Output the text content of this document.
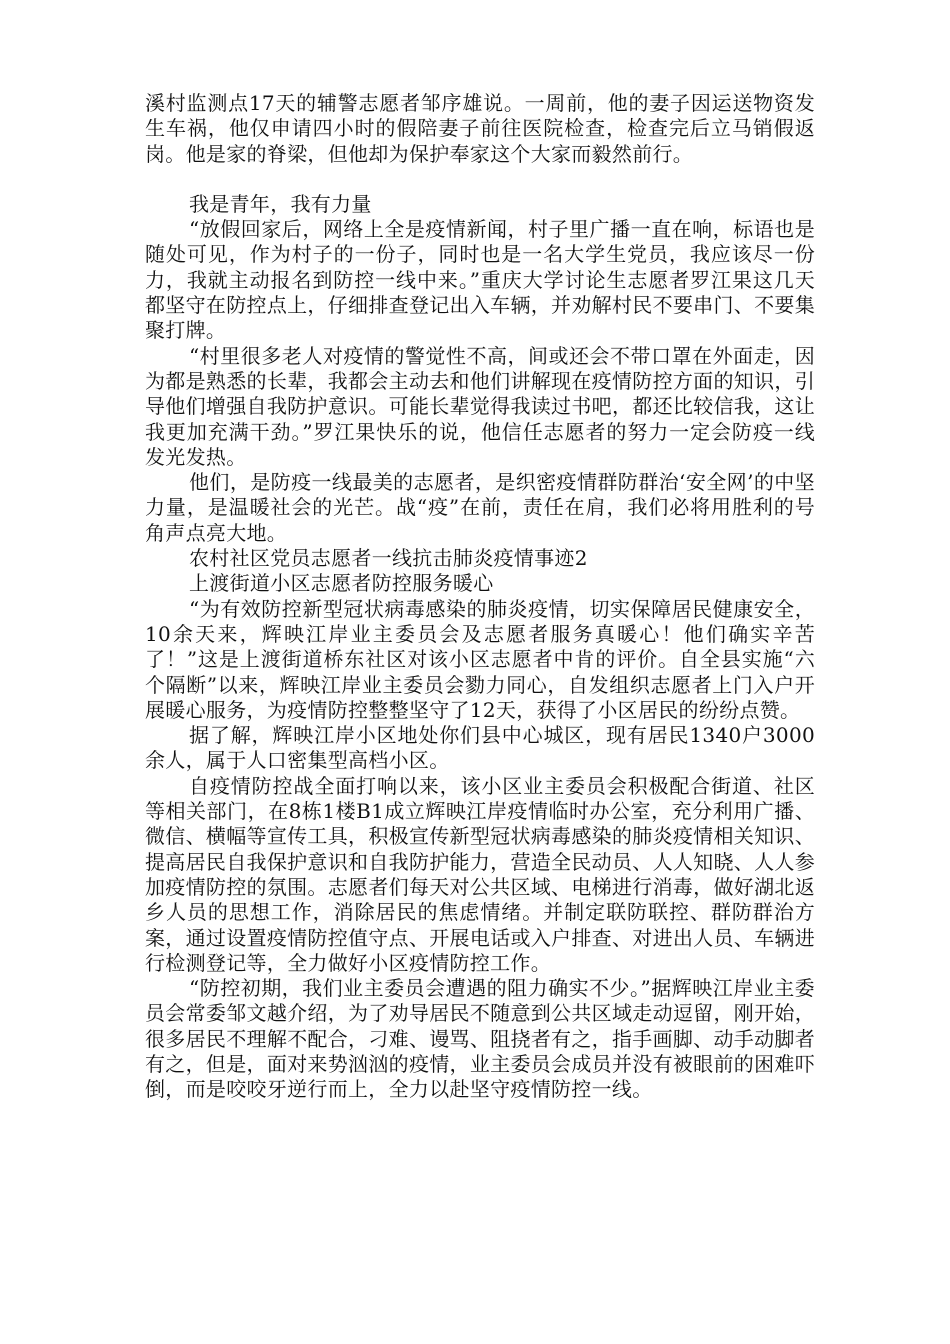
溪村监测点17天的辅警志愿者邹序雄说。一周前，他的妻子因运送物资发生车祸，他仅申请四小时的假陪妻子前往医院检查，检查完后立马销假返岗。他是家的脊梁，但他却为保护奉家这个大家而毅然前行。

我是青年，我有力量

“放假回家后，网络上全是疫情新闻，村子里广播一直在响，标语也是随处可见，作为村子的一份子，同时也是一名大学生党员，我应该尽一份力，我就主动报名到防控一线中来。”重庆大学讨论生志愿者罗江果这几天都坚守在防控点上，仔细排查登记出入车辆，并劝解村民不要串门、不要集聚打牌。

“村里很多老人对疫情的警觉性不高，间或还会不带口罩在外面走，因为都是熟悉的长辈，我都会主动去和他们讲解现在疫情防控方面的知识，引导他们增强自我防护意识。可能长辈觉得我读过书吧，都还比较信我，这让我更加充满干劲。”罗江果快乐的说，他信任志愿者的努力一定会防疫一线发光发热。

他们，是防疫一线最美的志愿者，是织密疫情群防群治‘安全网’的中坚力量，是温暖社会的光芒。战“疫”在前，责任在肩，我们必将用胜利的号角声点亮大地。

农村社区党员志愿者一线抗击肺炎疫情事迹2

上渡街道小区志愿者防控服务暖心

“为有效防控新型冠状病毒感染的肺炎疫情，切实保障居民健康安全，10余天来，辉映江岸业主委员会及志愿者服务真暖心！他们确实辛苦了！”这是上渡街道桥东社区对该小区志愿者中肯的评价。自全县实施“六个隔断”以来，辉映江岸业主委员会勠力同心，自发组织志愿者上门入户开展暖心服务，为疫情防控整整坚守了12天，获得了小区居民的纷纷点赞。

据了解，辉映江岸小区地处你们县中心城区，现有居民1340户3000余人，属于人口密集型高档小区。

自疫情防控战全面打响以来，该小区业主委员会积极配合街道、社区等相关部门，在8栋1楼B1成立辉映江岸疫情临时办公室，充分利用广播、微信、横幅等宣传工具，积极宣传新型冠状病毒感染的肺炎疫情相关知识、提高居民自我保护意识和自我防护能力，营造全民动员、人人知晓、人人参加疫情防控的氛围。志愿者们每天对公共区域、电梯进行消毒，做好湖北返乡人员的思想工作，消除居民的焦虑情绪。并制定联防联控、群防群治方案，通过设置疫情防控值守点、开展电话或入户排查、对进出人员、车辆进行检测登记等，全力做好小区疫情防控工作。

“防控初期，我们业主委员会遭遇的阻力确实不少。”据辉映江岸业主委员会常委邹文越介绍，为了劝导居民不随意到公共区域走动逗留，刚开始，很多居民不理解不配合，刁难、谩骂、阻挠者有之，指手画脚、动手动脚者有之，但是，面对来势汹汹的疫情，业主委员会成员并没有被眼前的困难吓倒，而是咬咬牙逆行而上，全力以赴坚守疫情防控一线。
